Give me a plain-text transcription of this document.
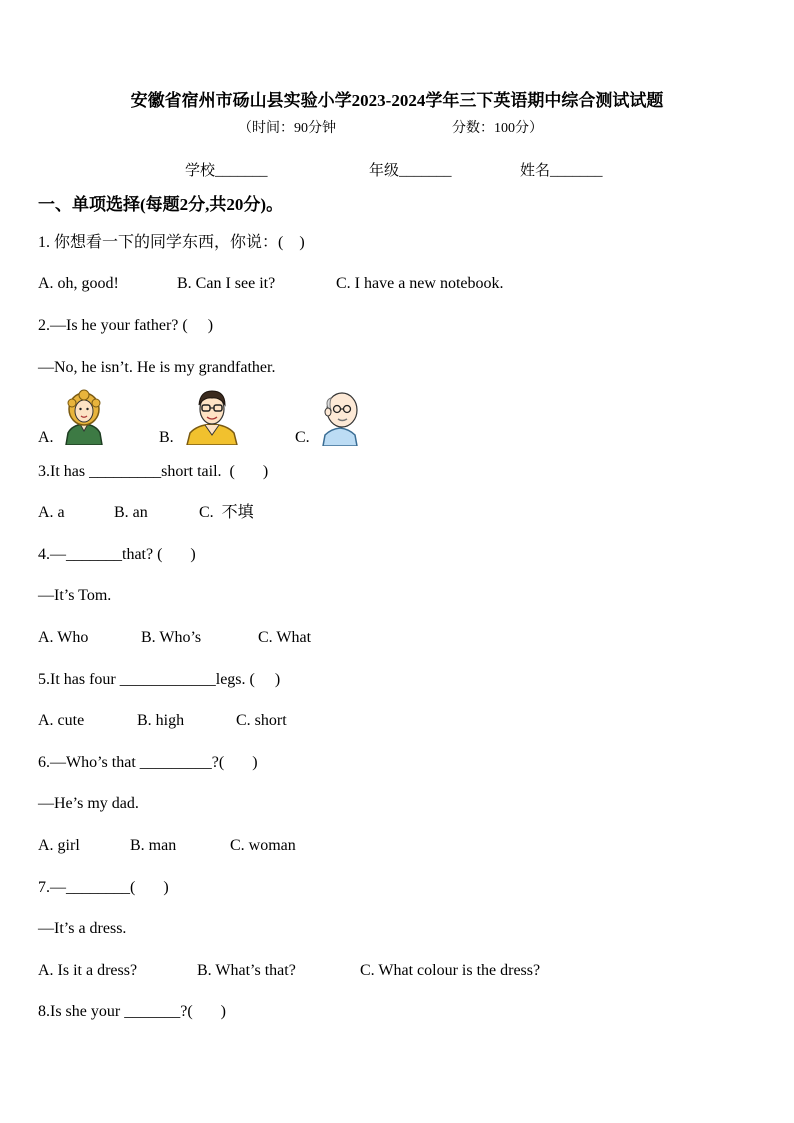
安徽省宿州市砀山县实验小学2023-2024学年三下英语期中综合测试试题
（时间：90分钟	分数：100分）
学校_______	年级_______	姓名_______
一、单项选择(每题2分,共20分)。
1. 你想看一下的同学东西，你说：(    )
A. oh, good!	B. Can I see it?	C. I have a new notebook.
2.—Is he your father? (     )
—No, he isn’t. He is my grandfather.
A.	B.	C.
3.It has _________short tail.  (       )
A. a	B. an	C.  不填
4.—_______that? (       )
—It’s Tom.
A. Who	B. Who’s	C. What
5.It has four ____________legs. (     )
A. cute	B. high	C. short
6.—Who’s that _________?(       )
—He’s my dad.
A. girl	B. man	C. woman
7.—________(       )
—It’s a dress.
A. Is it a dress?	B. What’s that?	C. What colour is the dress?
8.Is she your _______?(       )
